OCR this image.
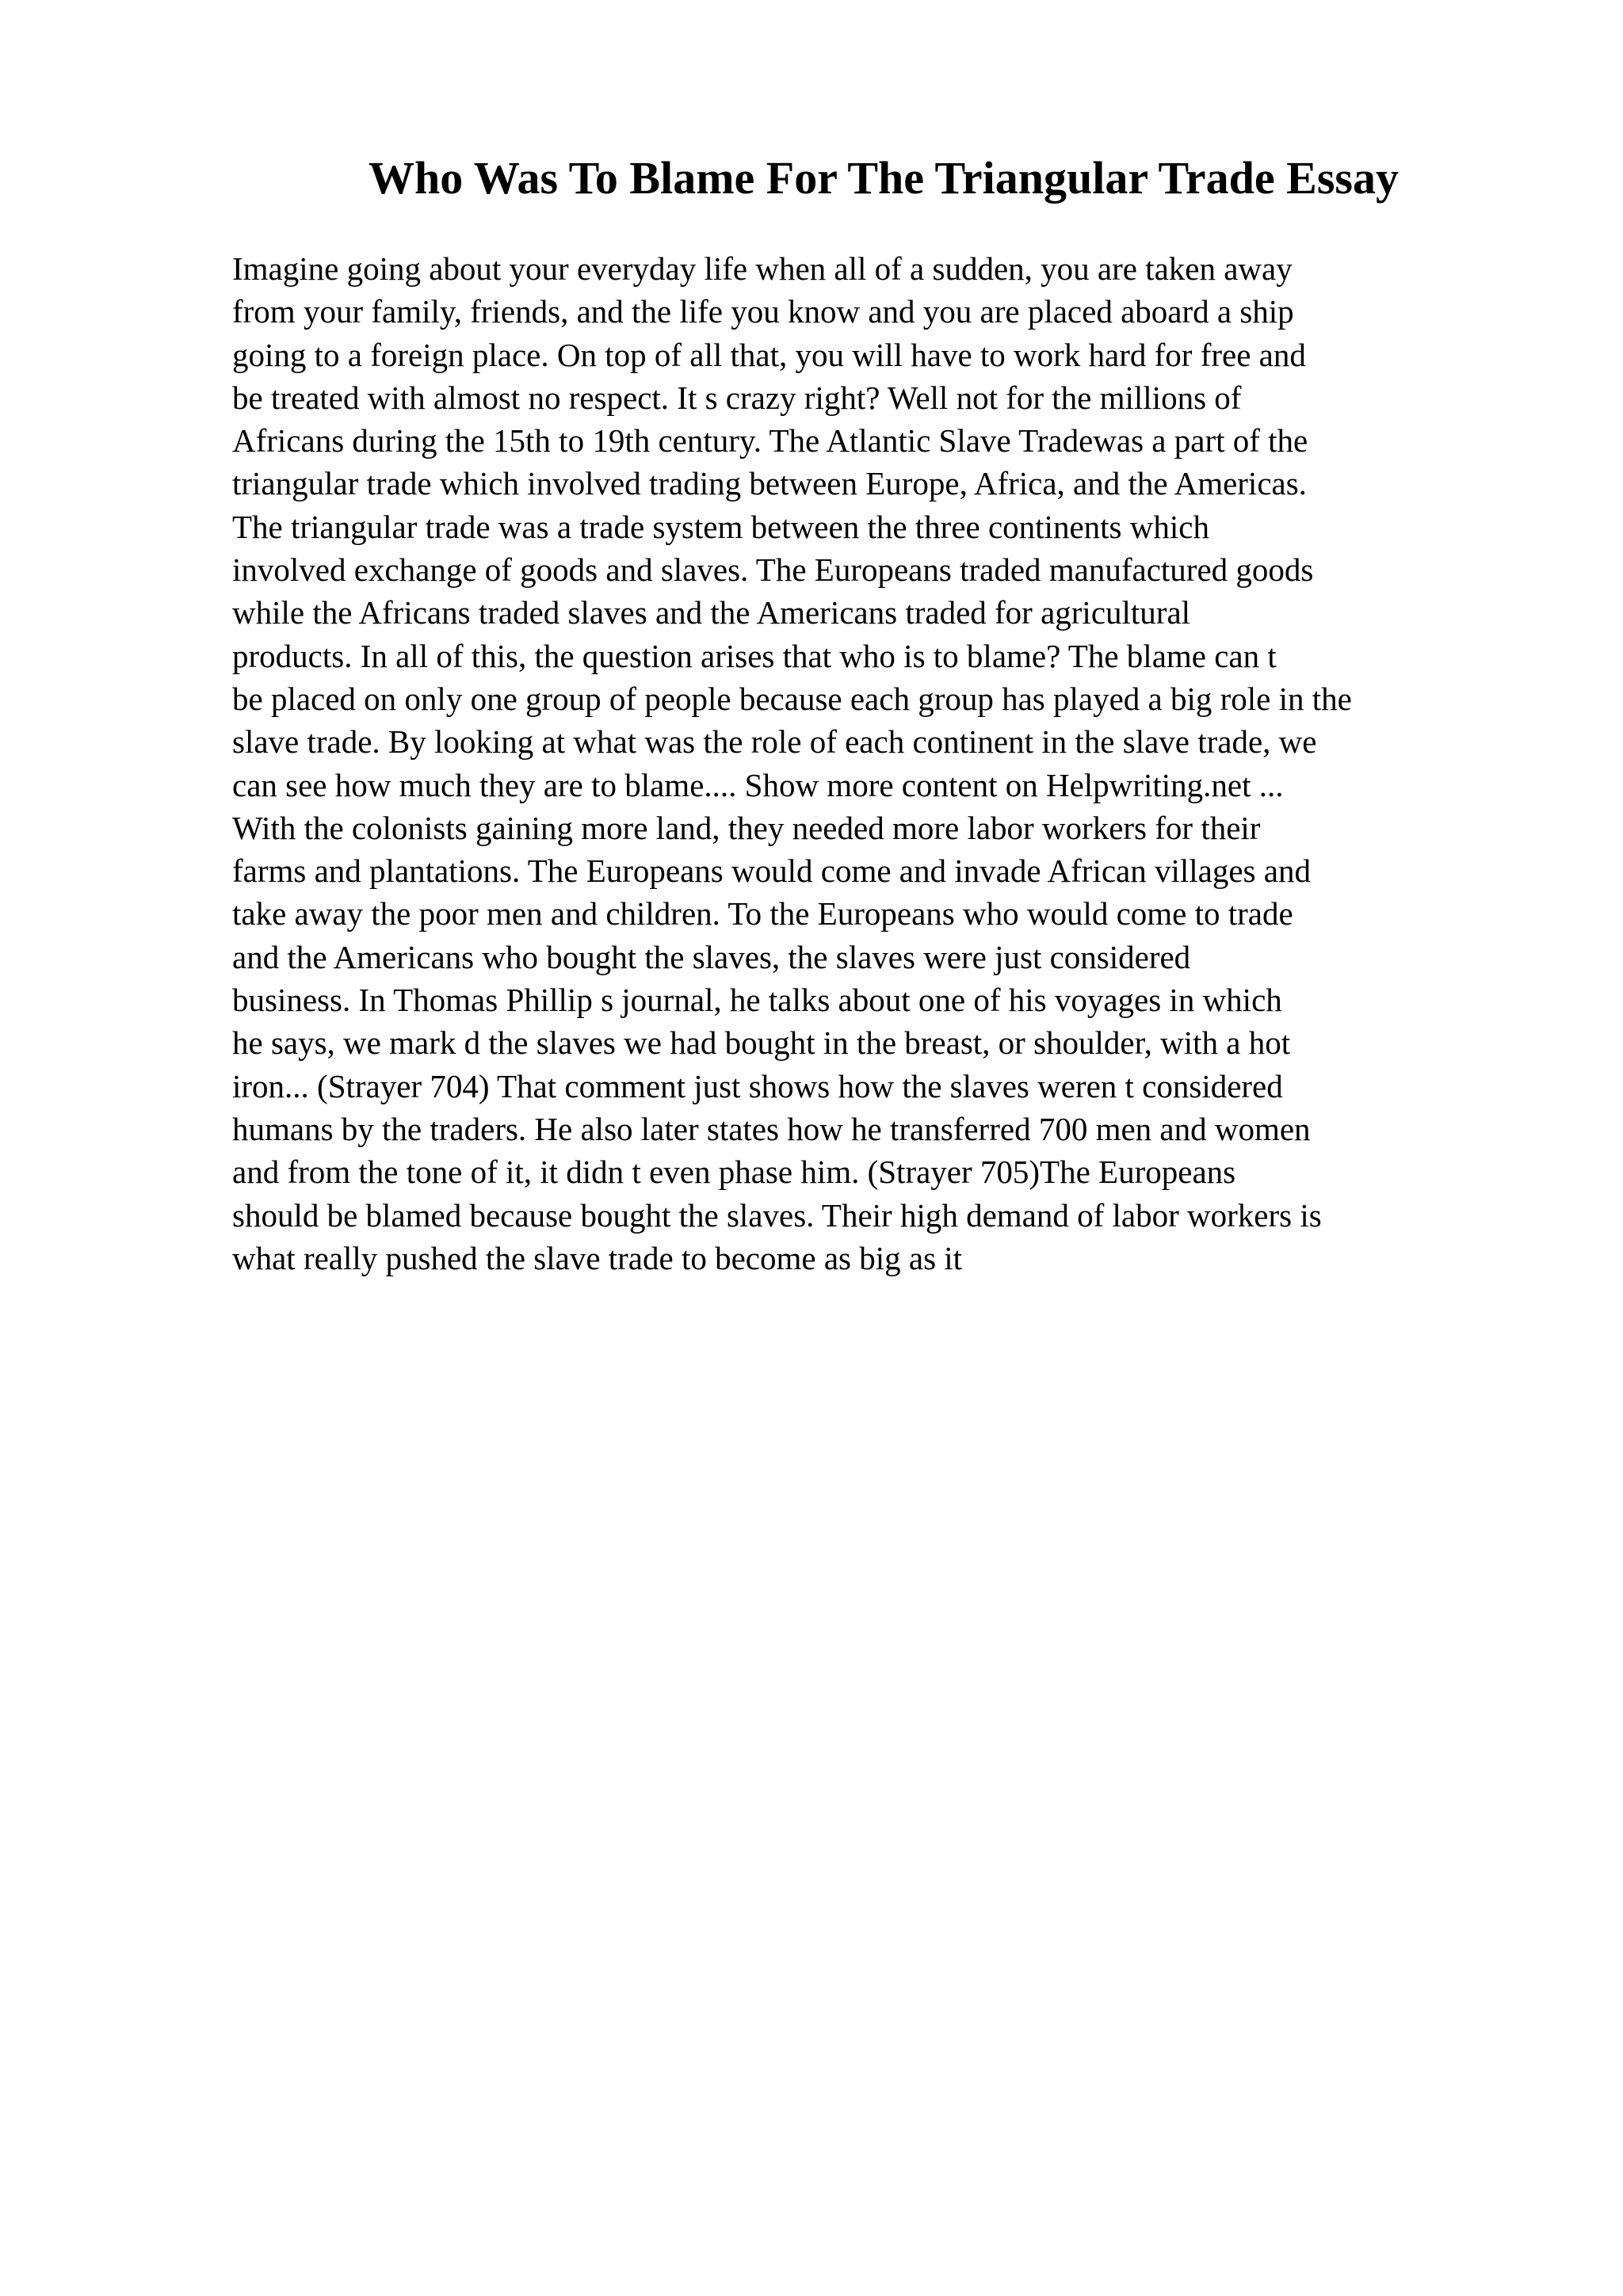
Who Was To Blame For The Triangular Trade Essay
Imagine going about your everyday life when all of a sudden, you are taken away
from your family, friends, and the life you know and you are placed aboard a ship
going to a foreign place. On top of all that, you will have to work hard for free and
be treated with almost no respect. It s crazy right? Well not for the millions of
Africans during the 15th to 19th century. The Atlantic Slave Tradewas a part of the
triangular trade which involved trading between Europe, Africa, and the Americas.
The triangular trade was a trade system between the three continents which
involved exchange of goods and slaves. The Europeans traded manufactured goods
while the Africans traded slaves and the Americans traded for agricultural
products. In all of this, the question arises that who is to blame? The blame can t
be placed on only one group of people because each group has played a big role in the
slave trade. By looking at what was the role of each continent in the slave trade, we
can see how much they are to blame.... Show more content on Helpwriting.net ...
With the colonists gaining more land, they needed more labor workers for their
farms and plantations. The Europeans would come and invade African villages and
take away the poor men and children. To the Europeans who would come to trade
and the Americans who bought the slaves, the slaves were just considered
business. In Thomas Phillip s journal, he talks about one of his voyages in which
he says, we mark d the slaves we had bought in the breast, or shoulder, with a hot
iron... (Strayer 704) That comment just shows how the slaves weren t considered
humans by the traders. He also later states how he transferred 700 men and women
and from the tone of it, it didn t even phase him. (Strayer 705)The Europeans
should be blamed because bought the slaves. Their high demand of labor workers is
what really pushed the slave trade to become as big as it
